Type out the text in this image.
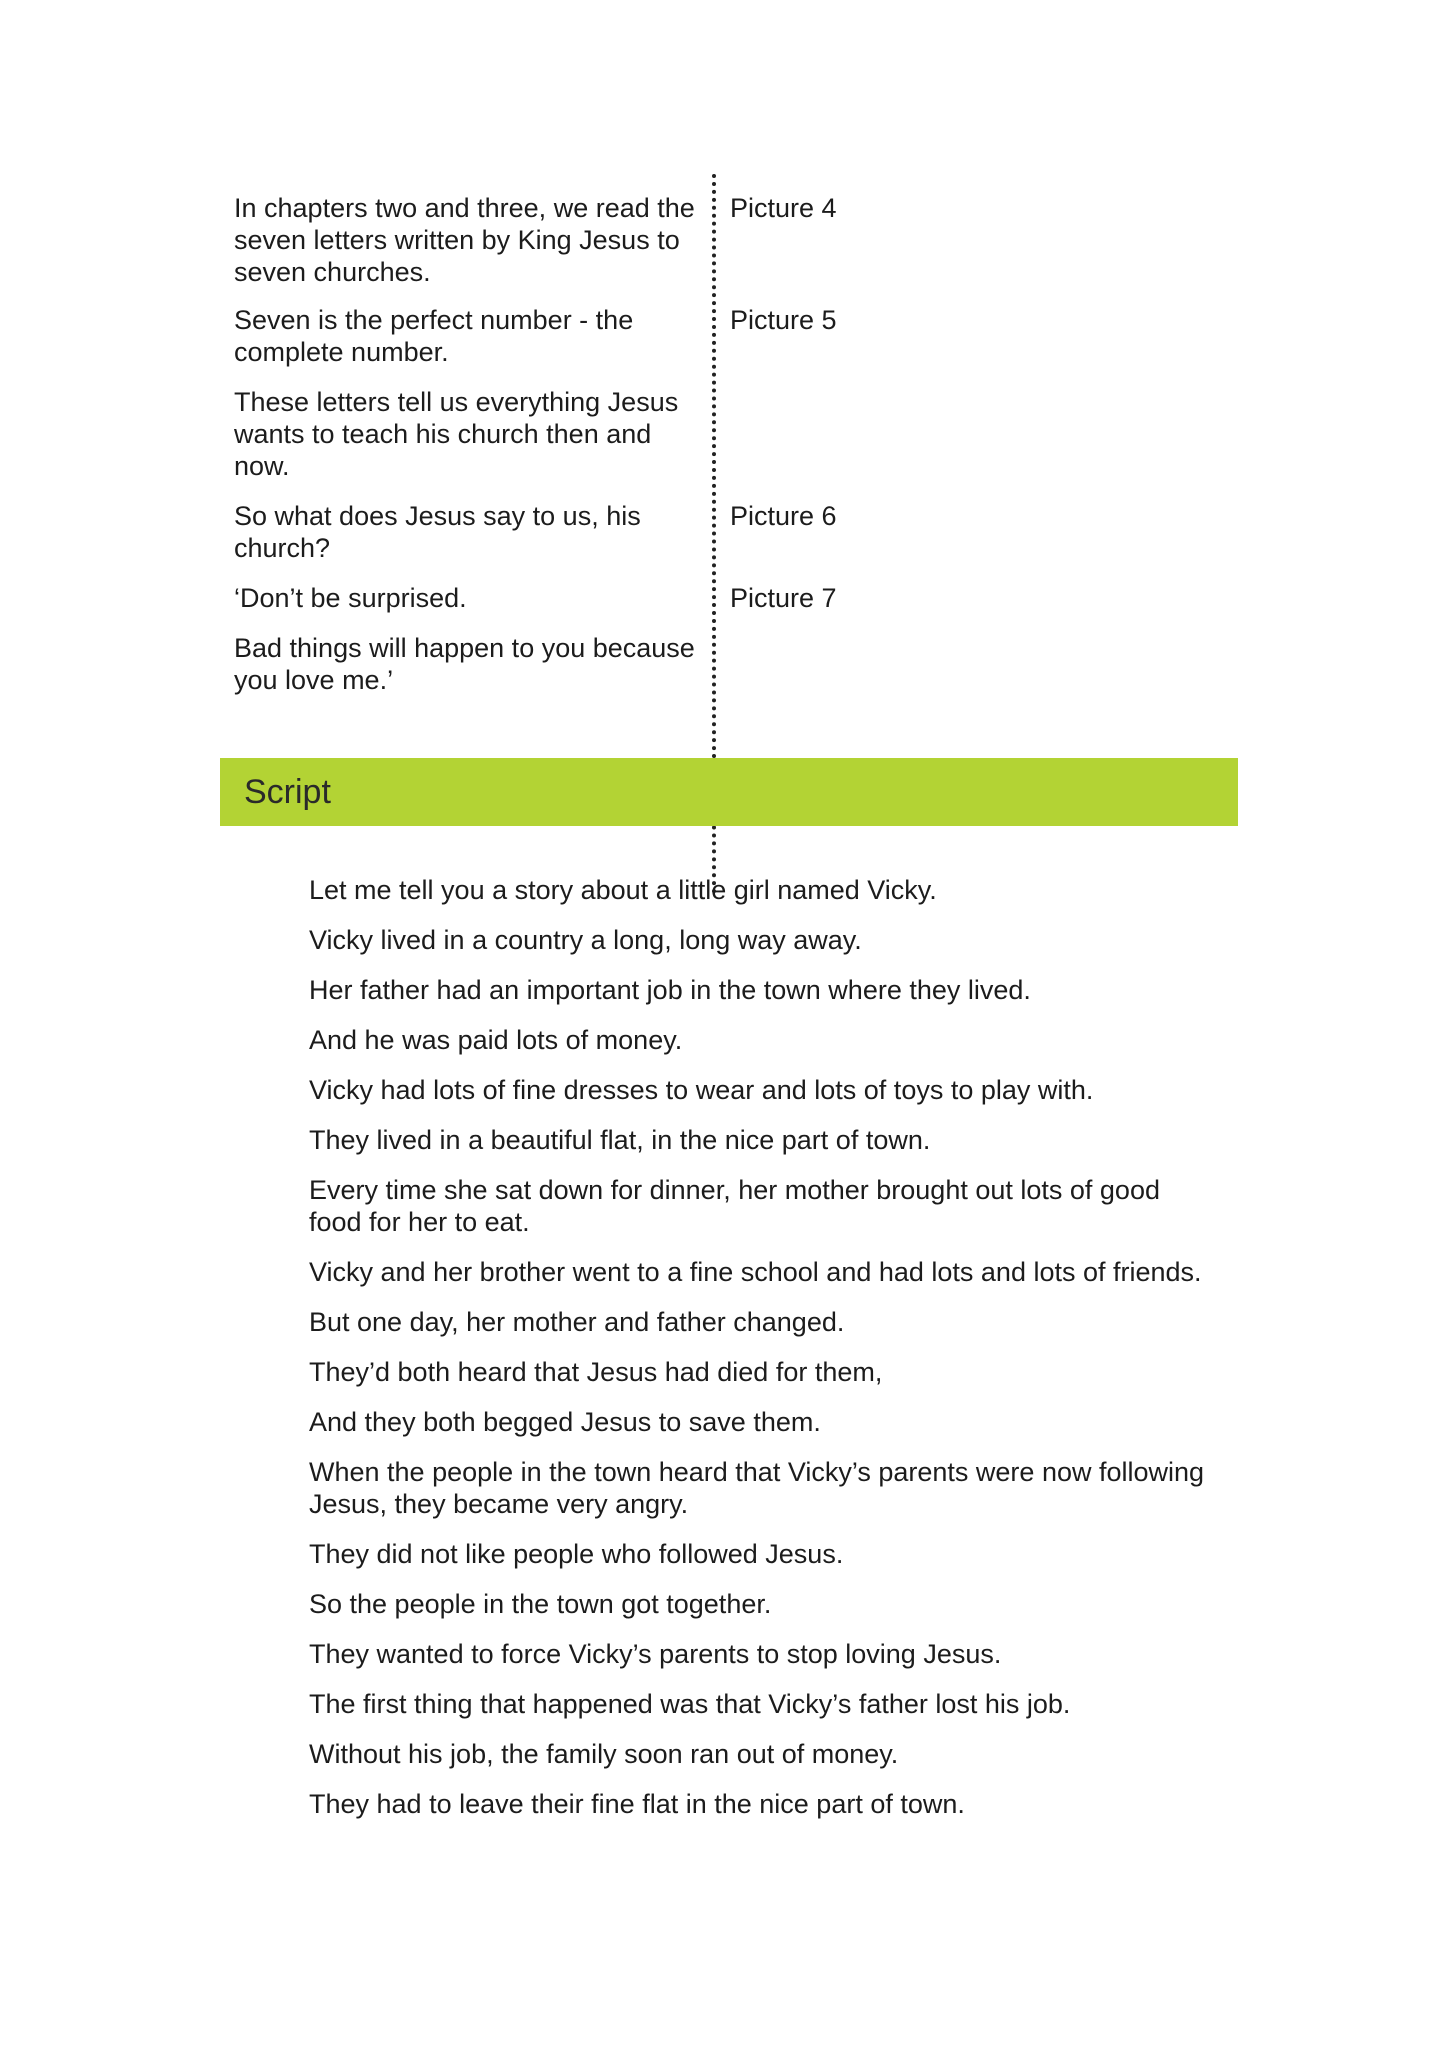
In chapters two and three, we read the seven letters written by King Jesus to seven churches.

Seven is the perfect number - the complete number.

These letters tell us everything Jesus wants to teach his church then and now.

So what does Jesus say to us, his church?

‘Don’t be surprised.

Bad things will happen to you because you love me.’

Picture 4

Picture 5

Picture 6

Picture 7

Script

Let me tell you a story about a little girl named Vicky.

Vicky lived in a country a long, long way away.

Her father had an important job in the town where they lived.

And he was paid lots of money.

Vicky had lots of fine dresses to wear and lots of toys to play with.

They lived in a beautiful flat, in the nice part of town.

Every time she sat down for dinner, her mother brought out lots of good food for her to eat.

Vicky and her brother went to a fine school and had lots and lots of friends.

But one day, her mother and father changed.

They’d both heard that Jesus had died for them,

And they both begged Jesus to save them.

When the people in the town heard that Vicky’s parents were now following Jesus, they became very angry.

They did not like people who followed Jesus.

So the people in the town got together.

They wanted to force Vicky’s parents to stop loving Jesus.

The first thing that happened was that Vicky’s father lost his job.

Without his job, the family soon ran out of money.

They had to leave their fine flat in the nice part of town.
